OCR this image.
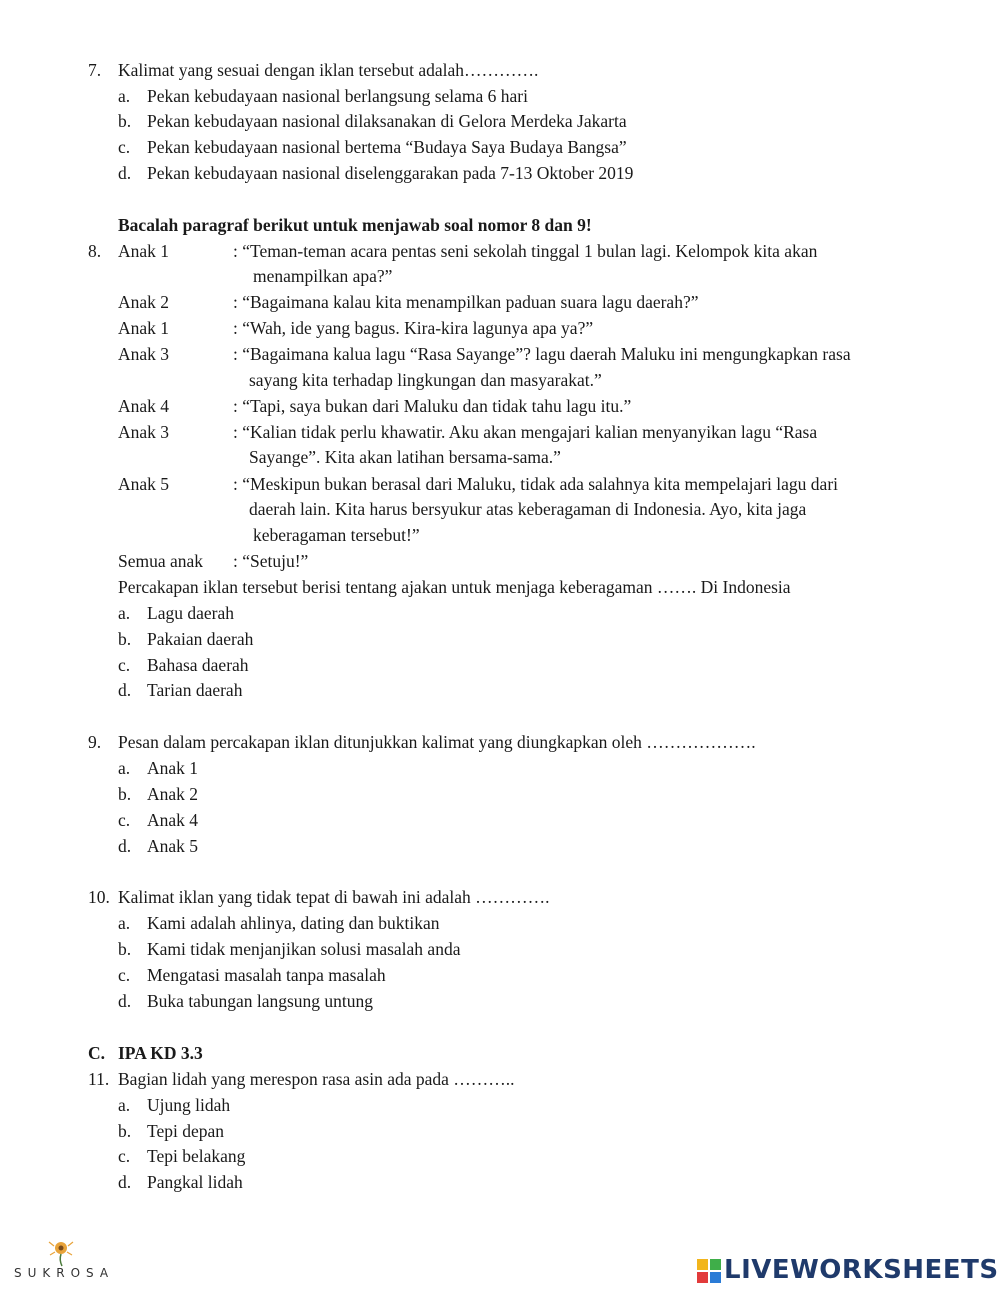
7. Kalimat yang sesuai dengan iklan tersebut adalah………….
a. Pekan kebudayaan nasional berlangsung selama 6 hari
b. Pekan kebudayaan nasional dilaksanakan di Gelora Merdeka Jakarta
c. Pekan kebudayaan nasional bertema “Budaya Saya Budaya Bangsa”
d. Pekan kebudayaan nasional diselenggarakan pada 7-13 Oktober 2019
Bacalah paragraf berikut untuk menjawab soal nomor 8 dan 9!
8. Anak 1	: “Teman-teman acara pentas seni sekolah tinggal 1 bulan lagi. Kelompok kita akan
menampilkan apa?”
Anak 2	: “Bagaimana kalau kita menampilkan paduan suara lagu daerah?”
Anak 1	: “Wah, ide yang bagus. Kira-kira lagunya apa ya?”
Anak 3	: “Bagaimana kalua lagu “Rasa Sayange”? lagu daerah Maluku ini mengungkapkan rasa
sayang kita terhadap lingkungan dan masyarakat.”
Anak 4	: “Tapi, saya bukan dari Maluku dan tidak tahu lagu itu.”
Anak 3	: “Kalian tidak perlu khawatir. Aku akan mengajari kalian menyanyikan lagu “Rasa
Sayange”. Kita akan latihan bersama-sama.”
Anak 5	: “Meskipun bukan berasal dari Maluku, tidak ada salahnya kita mempelajari lagu dari
daerah lain. Kita harus bersyukur atas keberagaman di Indonesia. Ayo, kita jaga
keberagaman tersebut!”
Semua anak : “Setuju!”
Percakapan iklan tersebut berisi tentang ajakan untuk menjaga keberagaman ……. Di Indonesia
a. Lagu daerah
b. Pakaian daerah
c. Bahasa daerah
d. Tarian daerah
9. Pesan dalam percakapan iklan ditunjukkan kalimat yang diungkapkan oleh ……………….
a. Anak 1
b. Anak 2
c. Anak 4
d. Anak 5
10. Kalimat iklan yang tidak tepat di bawah ini adalah ………….
a. Kami adalah ahlinya, dating dan buktikan
b. Kami tidak menjanjikan solusi masalah anda
c. Mengatasi masalah tanpa masalah
d. Buka tabungan langsung untung
C. IPA KD 3.3
11. Bagian lidah yang merespon rasa asin ada pada ………..
a. Ujung lidah
b. Tepi depan
c. Tepi belakang
d. Pangkal lidah
SUKROSA	LIVEWORKSHEETS
